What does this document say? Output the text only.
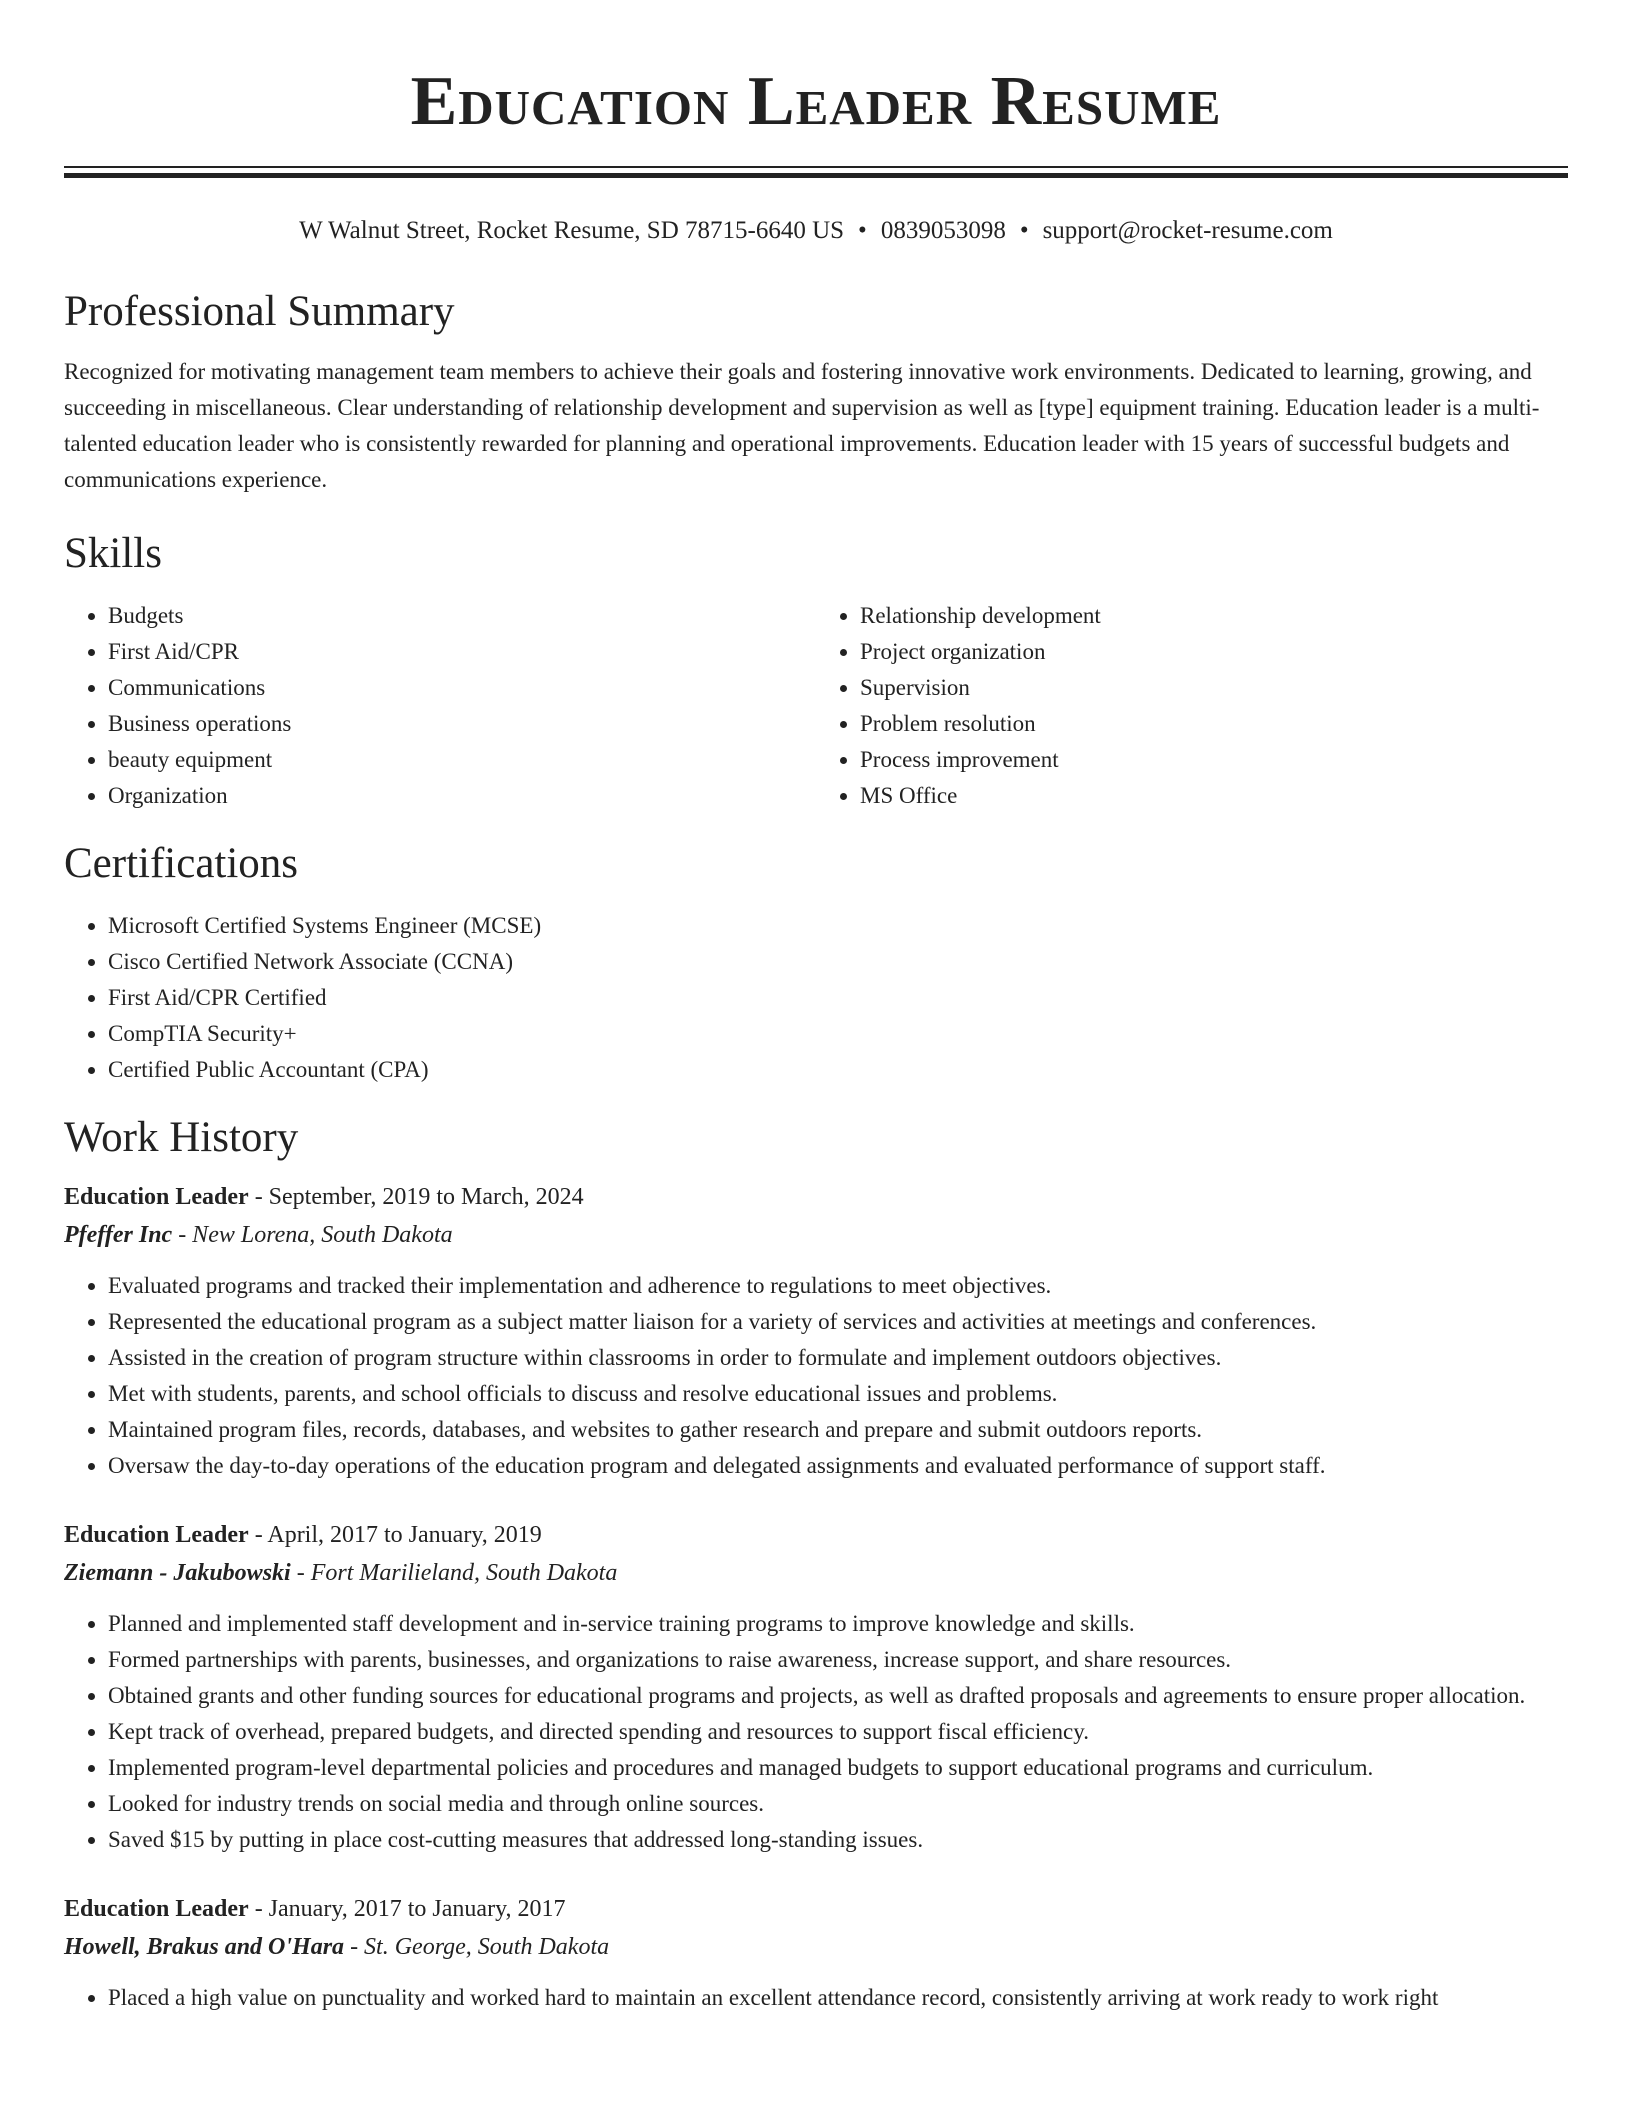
Education Leader Resume
W Walnut Street, Rocket Resume, SD 78715-6640 US • 0839053098 • support@rocket-resume.com
Professional Summary

Recognized for motivating management team members to achieve their goals and fostering innovative work environments. Dedicated to learning, growing, and succeeding in miscellaneous. Clear understanding of relationship development and supervision as well as [type] equipment training. Education leader is a multi-talented education leader who is consistently rewarded for planning and operational improvements. Education leader with 15 years of successful budgets and communications experience.

Skills
• Budgets
• First Aid/CPR
• Communications
• Business operations
• beauty equipment
• Organization
• Relationship development
• Project organization
• Supervision
• Problem resolution
• Process improvement
• MS Office
Certifications
• Microsoft Certified Systems Engineer (MCSE)
• Cisco Certified Network Associate (CCNA)
• First Aid/CPR Certified
• CompTIA Security+
• Certified Public Accountant (CPA)
Work History
Education Leader - September, 2019 to March, 2024
Pfeffer Inc - New Lorena, South Dakota
• Evaluated programs and tracked their implementation and adherence to regulations to meet objectives.
• Represented the educational program as a subject matter liaison for a variety of services and activities at meetings and conferences.
• Assisted in the creation of program structure within classrooms in order to formulate and implement outdoors objectives.
• Met with students, parents, and school officials to discuss and resolve educational issues and problems.
• Maintained program files, records, databases, and websites to gather research and prepare and submit outdoors reports.
• Oversaw the day-to-day operations of the education program and delegated assignments and evaluated performance of support staff.
Education Leader - April, 2017 to January, 2019
Ziemann - Jakubowski - Fort Marilieland, South Dakota
• Planned and implemented staff development and in-service training programs to improve knowledge and skills.
• Formed partnerships with parents, businesses, and organizations to raise awareness, increase support, and share resources.
• Obtained grants and other funding sources for educational programs and projects, as well as drafted proposals and agreements to ensure proper allocation.
• Kept track of overhead, prepared budgets, and directed spending and resources to support fiscal efficiency.
• Implemented program-level departmental policies and procedures and managed budgets to support educational programs and curriculum.
• Looked for industry trends on social media and through online sources.
• Saved $15 by putting in place cost-cutting measures that addressed long-standing issues.
Education Leader - January, 2017 to January, 2017
Howell, Brakus and O'Hara - St. George, South Dakota
• Placed a high value on punctuality and worked hard to maintain an excellent attendance record, consistently arriving at work ready to work right
